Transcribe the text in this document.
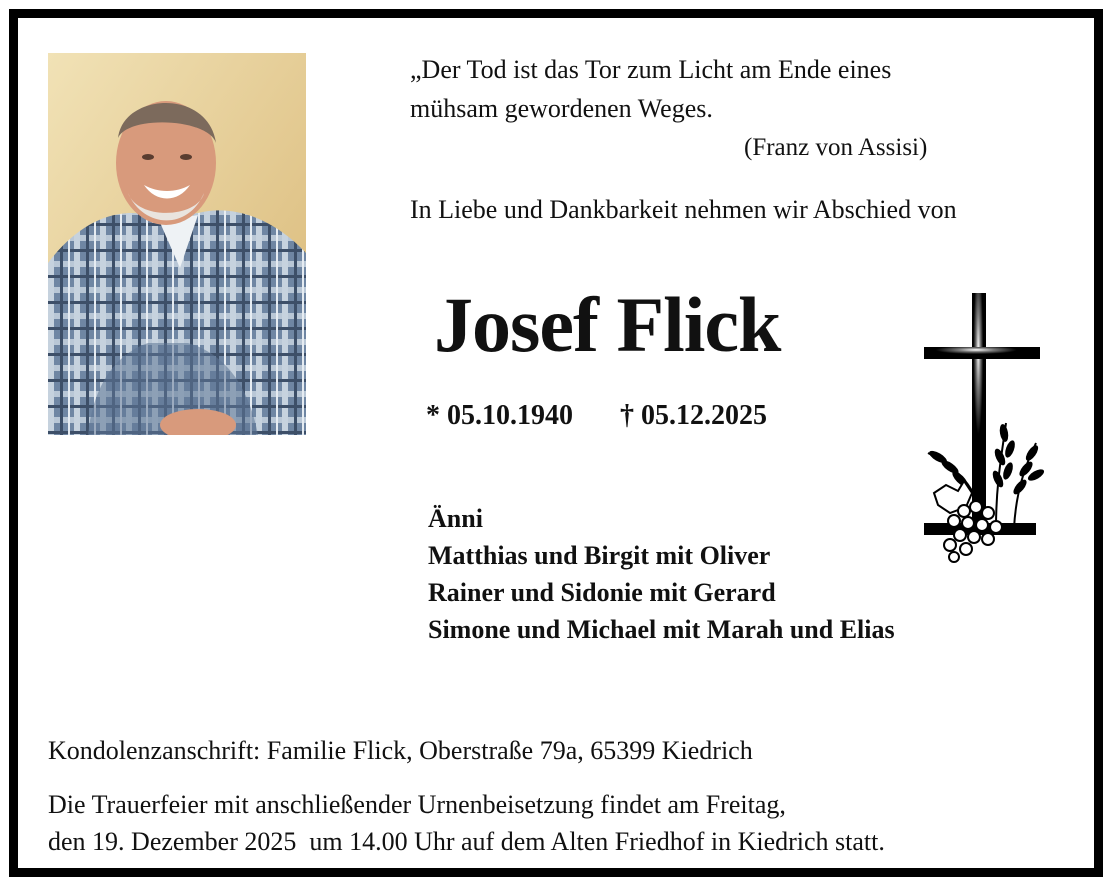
„Der Tod ist das Tor zum Licht am Ende eines
mühsam gewordenen Weges.
(Franz von Assisi)
In Liebe und Dankbarkeit nehmen wir Abschied von
Josef Flick
* 05.10.1940 † 05.12.2025
Änni
Matthias und Birgit mit Oliver
Rainer und Sidonie mit Gerard
Simone und Michael mit Marah und Elias
Kondolenzanschrift: Familie Flick, Oberstraße 79a, 65399 Kiedrich
Die Trauerfeier mit anschließender Urnenbeisetzung findet am Freitag,
den 19. Dezember 2025  um 14.00 Uhr auf dem Alten Friedhof in Kiedrich statt.
